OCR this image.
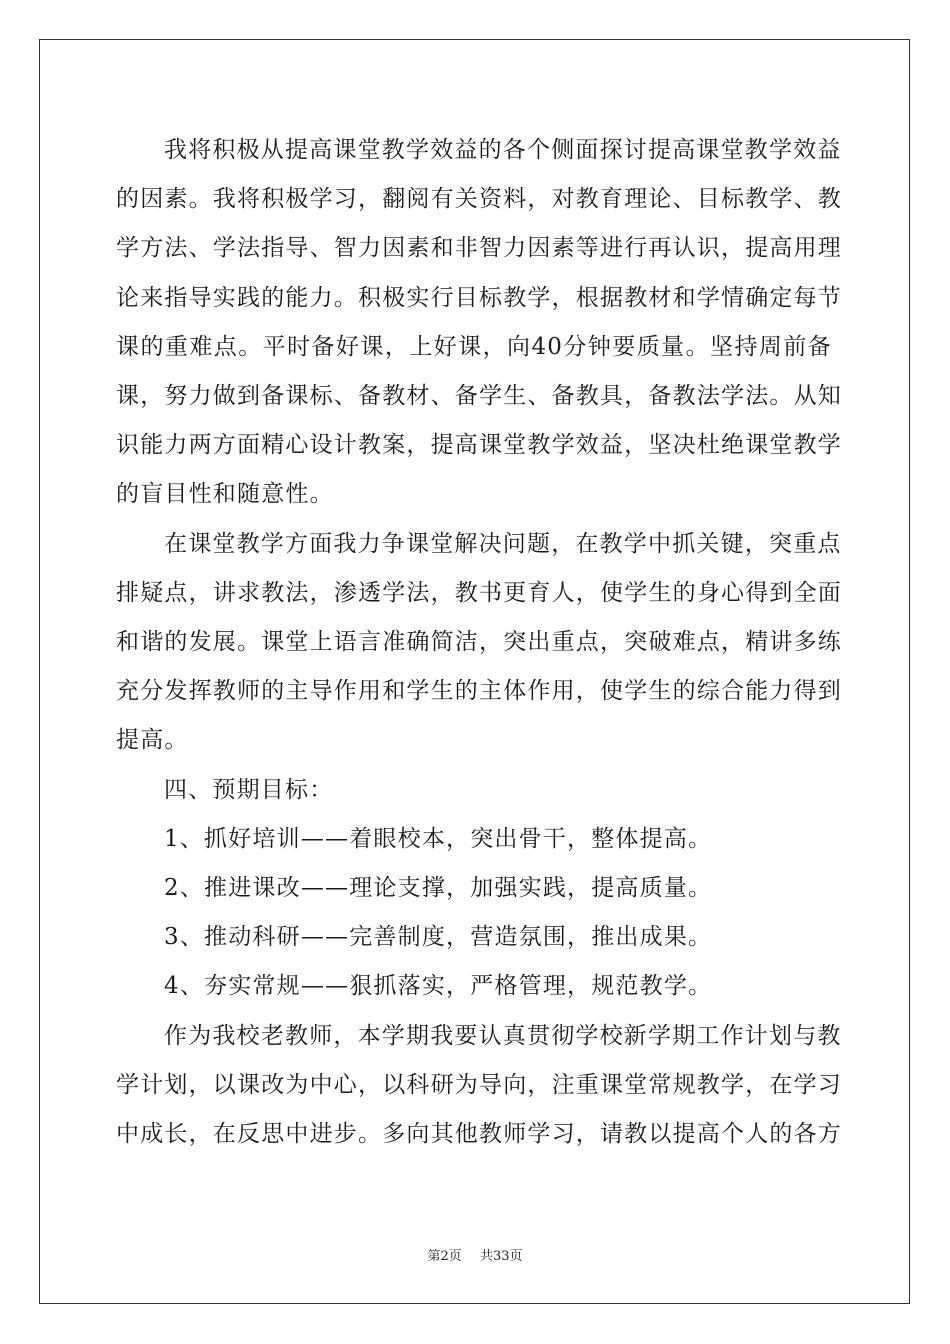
我将积极从提高课堂教学效益的各个侧面探讨提高课堂教学效益
的因素。我将积极学习，翻阅有关资料，对教育理论、目标教学、教
学方法、学法指导、智力因素和非智力因素等进行再认识，提高用理
论来指导实践的能力。积极实行目标教学，根据教材和学情确定每节
课的重难点。平时备好课，上好课，向40分钟要质量。坚持周前备
课，努力做到备课标、备教材、备学生、备教具，备教法学法。从知
识能力两方面精心设计教案，提高课堂教学效益，坚决杜绝课堂教学
的盲目性和随意性。
在课堂教学方面我力争课堂解决问题，在教学中抓关键，突重点
排疑点，讲求教法，渗透学法，教书更育人，使学生的身心得到全面
和谐的发展。课堂上语言准确简洁，突出重点，突破难点，精讲多练
充分发挥教师的主导作用和学生的主体作用，使学生的综合能力得到
提高。
四、预期目标：
1、抓好培训——着眼校本，突出骨干，整体提高。
2、推进课改——理论支撑，加强实践，提高质量。
3、推动科研——完善制度，营造氛围，推出成果。
4、夯实常规——狠抓落实，严格管理，规范教学。
作为我校老教师，本学期我要认真贯彻学校新学期工作计划与教
学计划，以课改为中心，以科研为导向，注重课堂常规教学，在学习
中成长，在反思中进步。多向其他教师学习，请教以提高个人的各方
第2页 共33页
